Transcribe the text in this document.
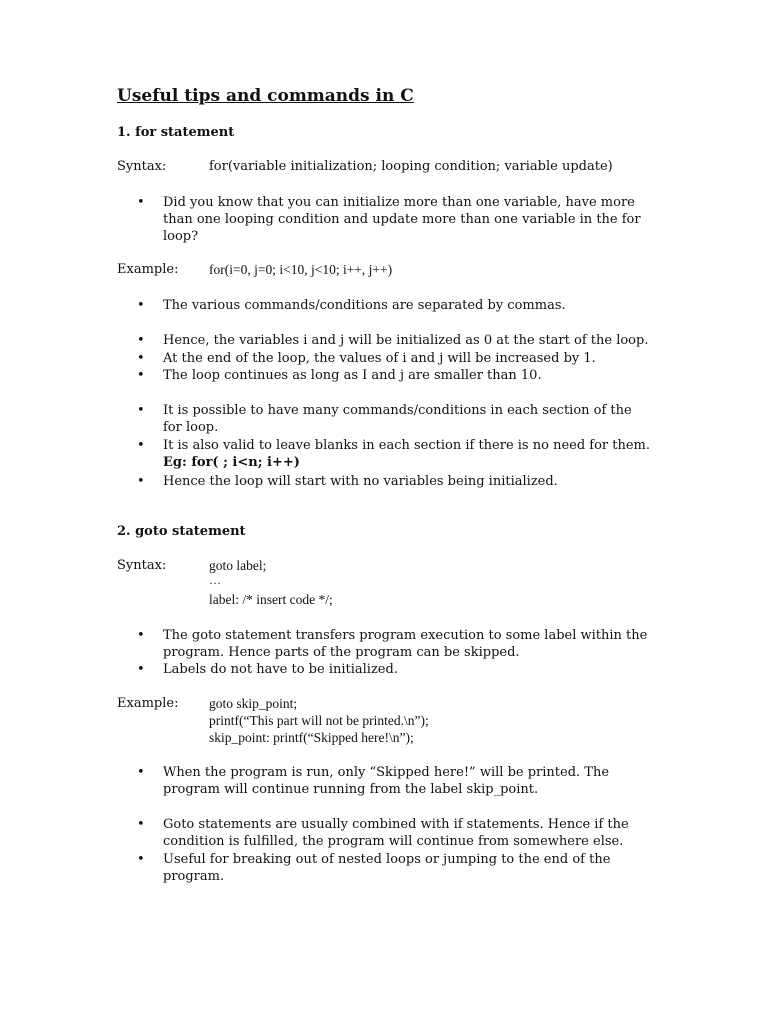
Useful tips and commands in C
1. for statement
Syntax:	for(variable initialization; looping condition; variable update)
• Did you know that you can initialize more than one variable, have more than one looping condition and update more than one variable in the for loop?
Example: for(i=0, j=0; i<10, j<10; i++, j++)
• The various commands/conditions are separated by commas.
• Hence, the variables i and j will be initialized as 0 at the start of the loop.
• At the end of the loop, the values of i and j will be increased by 1.
• The loop continues as long as I and j are smaller than 10.
• It is possible to have many commands/conditions in each section of the for loop.
• It is also valid to leave blanks in each section if there is no need for them.
Eg: for( ; i<n; i++)
• Hence the loop will start with no variables being initialized.
2. goto statement
Syntax:	goto label;
…
label: /* insert code */;
• The goto statement transfers program execution to some label within the program. Hence parts of the program can be skipped.
• Labels do not have to be initialized.
Example: goto skip_point;
printf(“This part will not be printed.\n”);
skip_point: printf(“Skipped here!\n”);
• When the program is run, only “Skipped here!” will be printed. The program will continue running from the label skip_point.
• Goto statements are usually combined with if statements. Hence if the condition is fulfilled, the program will continue from somewhere else.
• Useful for breaking out of nested loops or jumping to the end of the program.
